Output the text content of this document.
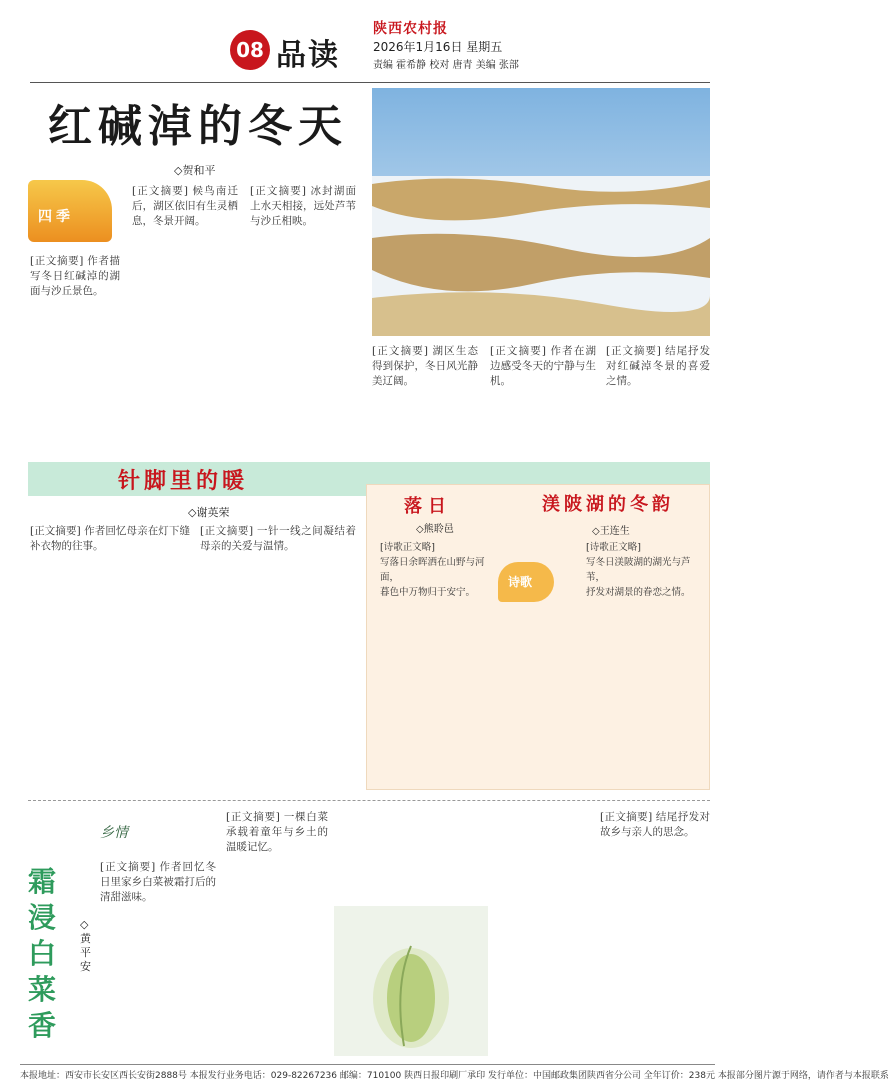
08 品读
陕西农村报
2026年1月16日 星期五
责编 霍希静 校对 唐青 美编 张部
红碱淖的冬天
◇贺和平
四季

[正文摘要] 作者描写冬日红碱淖的湖面与沙丘景色。

[正文摘要] 候鸟南迁后，湖区依旧有生灵栖息，冬景开阔。

[正文摘要] 冰封湖面上水天相接，远处芦苇与沙丘相映。

[正文摘要] 湖区生态得到保护，冬日风光静美辽阔。

[正文摘要] 作者在湖边感受冬天的宁静与生机。

[正文摘要] 结尾抒发对红碱淖冬景的喜爱之情。

针脚里的暖
◇谢英荣

[正文摘要] 作者回忆母亲在灯下缝补衣物的往事。

[正文摘要] 一针一线之间凝结着母亲的关爱与温情。

落日
◇熊聆邑

[诗歌正文略]
写落日余晖洒在山野与河面，
暮色中万物归于安宁。

诗歌
渼陂湖的冬韵
◇王连生

[诗歌正文略]
写冬日渼陂湖的湖光与芦苇，
抒发对湖景的眷恋之情。

乡情
霜浸白菜香
◇黄平安

[正文摘要] 作者回忆冬日里家乡白菜被霜打后的清甜滋味。

[正文摘要] 一棵白菜承载着童年与乡土的温暖记忆。

[正文摘要] 结尾抒发对故乡与亲人的思念。

本报地址：西安市长安区西长安街2888号 本报发行业务电话：029-82267236 邮编：710100 陕西日报印刷厂承印 发行单位：中国邮政集团陕西省分公司 全年订价：238元 本报部分图片源于网络，请作者与本报联系
